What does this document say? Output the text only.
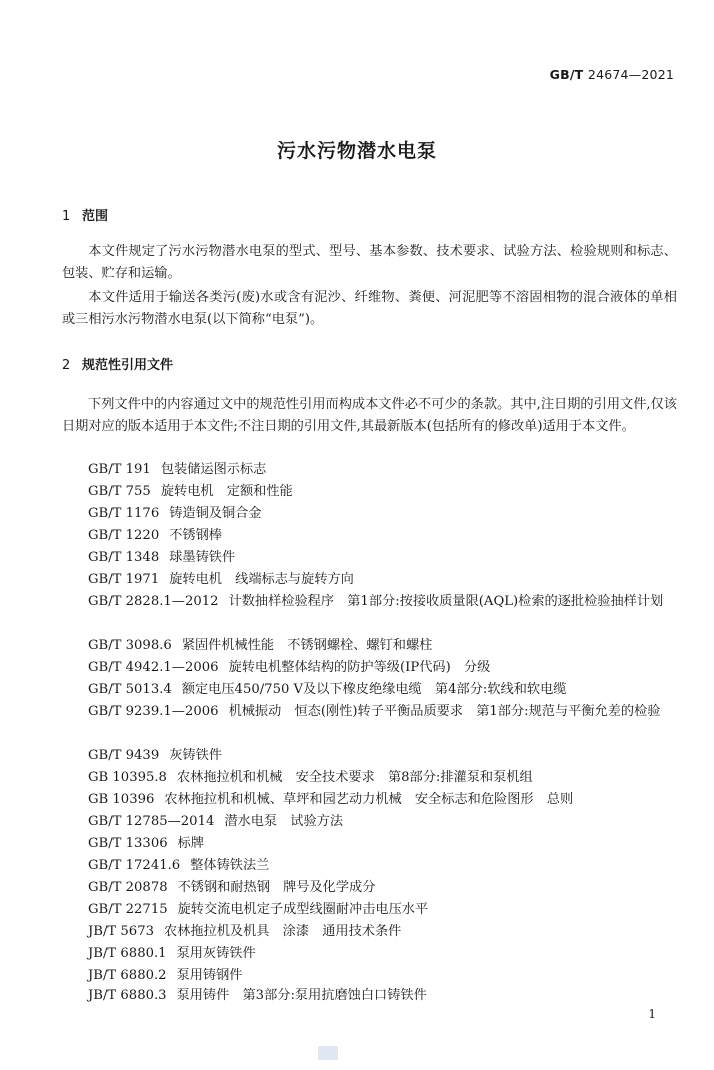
GB/T 24674—2021
污水污物潜水电泵
1 范围
本文件规定了污水污物潜水电泵的型式、型号、基本参数、技术要求、试验方法、检验规则和标志、包装、贮存和运输。
本文件适用于输送各类污(废)水或含有泥沙、纤维物、粪便、河泥肥等不溶固相物的混合液体的单相或三相污水污物潜水电泵(以下简称“电泵”)。
2 规范性引用文件
下列文件中的内容通过文中的规范性引用而构成本文件必不可少的条款。其中,注日期的引用文件,仅该日期对应的版本适用于本文件;不注日期的引用文件,其最新版本(包括所有的修改单)适用于本文件。
GB/T 191 包装储运图示标志
GB/T 755 旋转电机　定额和性能
GB/T 1176 铸造铜及铜合金
GB/T 1220 不锈钢棒
GB/T 1348 球墨铸铁件
GB/T 1971 旋转电机　线端标志与旋转方向
GB/T 2828.1—2012 计数抽样检验程序　第1部分:按接收质量限(AQL)检索的逐批检验抽样计划
GB/T 3098.6 紧固件机械性能　不锈钢螺栓、螺钉和螺柱
GB/T 4942.1—2006 旋转电机整体结构的防护等级(IP代码)　分级
GB/T 5013.4 额定电压450/750 V及以下橡皮绝缘电缆　第4部分:软线和软电缆
GB/T 9239.1—2006 机械振动　恒态(刚性)转子平衡品质要求　第1部分:规范与平衡允差的检验
GB/T 9439 灰铸铁件
GB 10395.8 农林拖拉机和机械　安全技术要求　第8部分:排灌泵和泵机组
GB 10396 农林拖拉机和机械、草坪和园艺动力机械　安全标志和危险图形　总则
GB/T 12785—2014 潜水电泵　试验方法
GB/T 13306 标牌
GB/T 17241.6 整体铸铁法兰
GB/T 20878 不锈钢和耐热钢　牌号及化学成分
GB/T 22715 旋转交流电机定子成型线圈耐冲击电压水平
JB/T 5673 农林拖拉机及机具　涂漆　通用技术条件
JB/T 6880.1 泵用灰铸铁件
JB/T 6880.2 泵用铸钢件
JB/T 6880.3 泵用铸件　第3部分:泵用抗磨蚀白口铸铁件
1
